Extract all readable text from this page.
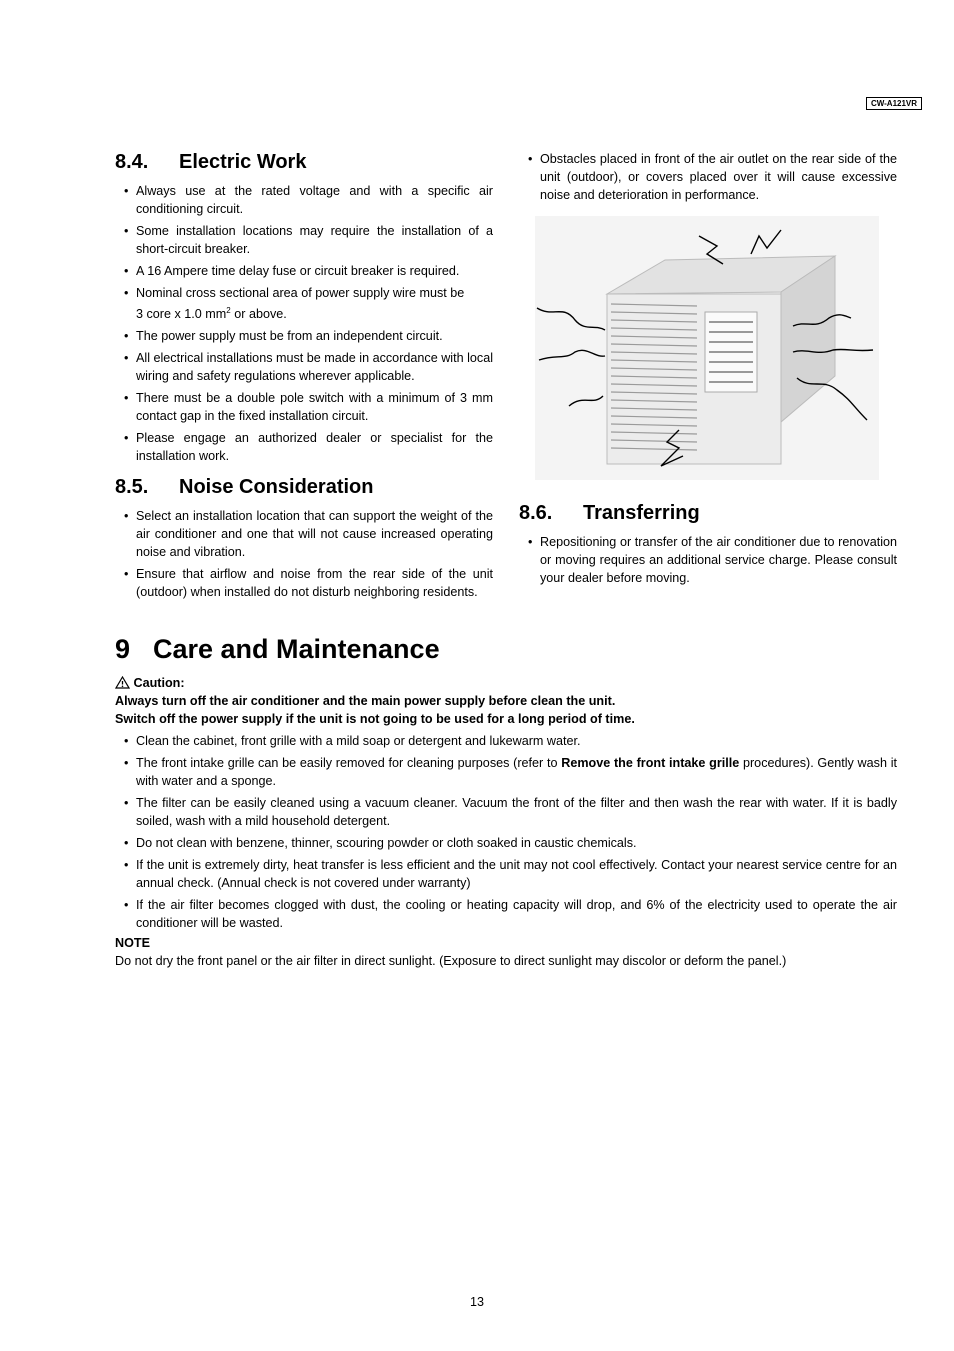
CW-A121VR
8.4. Electric Work
• Always use at the rated voltage and with a specific air conditioning circuit.
• Some installation locations may require the installation of a short-circuit breaker.
• A 16 Ampere time delay fuse or circuit breaker is required.
• Nominal cross sectional area of power supply wire must be
3 core x 1.0 $mm^2$ or above.
• The power supply must be from an independent circuit.
• All electrical installations must be made in accordance with local wiring and safety regulations wherever applicable.
• There must be a double pole switch with a minimum of 3 mm contact gap in the fixed installation circuit.
• Please engage an authorized dealer or specialist for the installation work.
8.5. Noise Consideration
• Select an installation location that can support the weight of the air conditioner and one that will not cause increased operating noise and vibration.
• Ensure that airflow and noise from the rear side of the unit (outdoor) when installed do not disturb neighboring residents.
• Obstacles placed in front of the air outlet on the rear side of the unit (outdoor), or covers placed over it will cause excessive noise and deterioration in performance.
8.6. Transferring
• Repositioning or transfer of the air conditioner due to renovation or moving requires an additional service charge. Please consult your dealer before moving.
9 Care and Maintenance

Caution:

Always turn off the air conditioner and the main power supply before clean the unit.

Switch off the power supply if the unit is not going to be used for a long period of time.

• Clean the cabinet, front grille with a mild soap or detergent and lukewarm water.
• The front intake grille can be easily removed for cleaning purposes (refer to Remove the front intake grille procedures). Gently wash it with water and a sponge.
• The filter can be easily cleaned using a vacuum cleaner. Vacuum the front of the filter and then wash the rear with water. If it is badly soiled, wash with a mild household detergent.
• Do not clean with benzene, thinner, scouring powder or cloth soaked in caustic chemicals.
• If the unit is extremely dirty, heat transfer is less efficient and the unit may not cool effectively. Contact your nearest service centre for an annual check. (Annual check is not covered under warranty)
• If the air filter becomes clogged with dust, the cooling or heating capacity will drop, and 6% of the electricity used to operate the air conditioner will be wasted.

NOTE

Do not dry the front panel or the air filter in direct sunlight. (Exposure to direct sunlight may discolor or deform the panel.)

13
